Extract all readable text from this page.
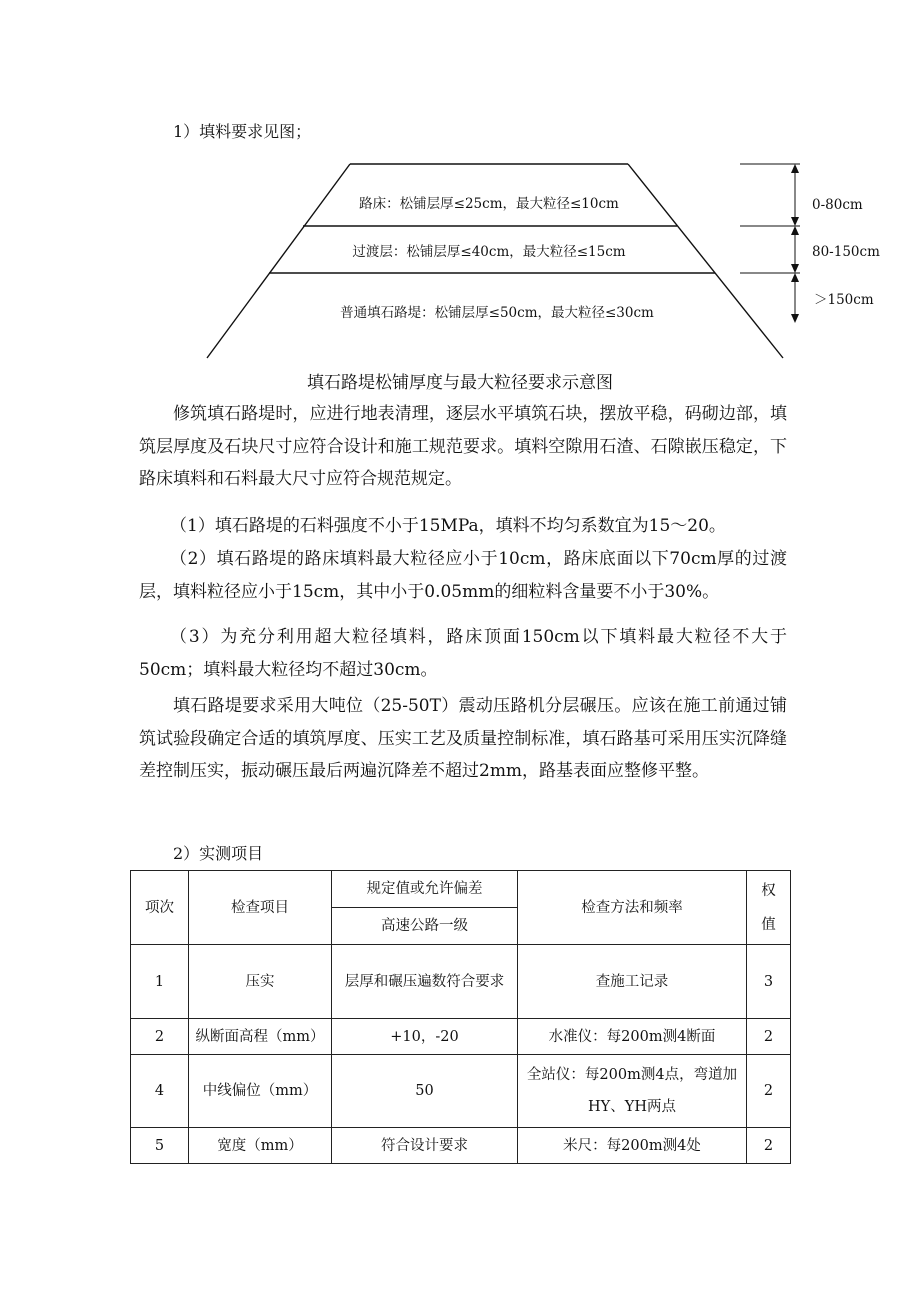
1）填料要求见图；
路床：松铺层厚≤25cm，最大粒径≤10cm
过渡层：松铺层厚≤40cm，最大粒径≤15cm
普通填石路堤：松铺层厚≤50cm，最大粒径≤30cm
0-80cm
80-150cm
＞150cm
填石路堤松铺厚度与最大粒径要求示意图

修筑填石路堤时，应进行地表清理，逐层水平填筑石块，摆放平稳，码砌边部，填筑层厚度及石块尺寸应符合设计和施工规范要求。填料空隙用石渣、石隙嵌压稳定，下路床填料和石料最大尺寸应符合规范规定。

（1）填石路堤的石料强度不小于15MPa，填料不均匀系数宜为15～20。

（2）填石路堤的路床填料最大粒径应小于10cm，路床底面以下70cm厚的过渡层，填料粒径应小于15cm，其中小于0.05mm的细粒料含量要不小于30%。

（3）为充分利用超大粒径填料，路床顶面150cm以下填料最大粒径不大于50cm；填料最大粒径均不超过30cm。

填石路堤要求采用大吨位（25-50T）震动压路机分层碾压。应该在施工前通过铺筑试验段确定合适的填筑厚度、压实工艺及质量控制标准，填石路基可采用压实沉降缝差控制压实，振动碾压最后两遍沉降差不超过2mm，路基表面应整修平整。

2）实测项目
项次	检查项目	规定值或允许偏差	检查方法和频率	权值
		高速公路一级		
1	压实	层厚和碾压遍数符合要求	查施工记录	3
2	纵断面高程（mm）	+10，-20	水准仪：每200m测4断面	2
4	中线偏位（mm）	50	全站仪：每200m测4点，弯道加HY、YH两点	2
5	宽度（mm）	符合设计要求	米尺：每200m测4处	2
